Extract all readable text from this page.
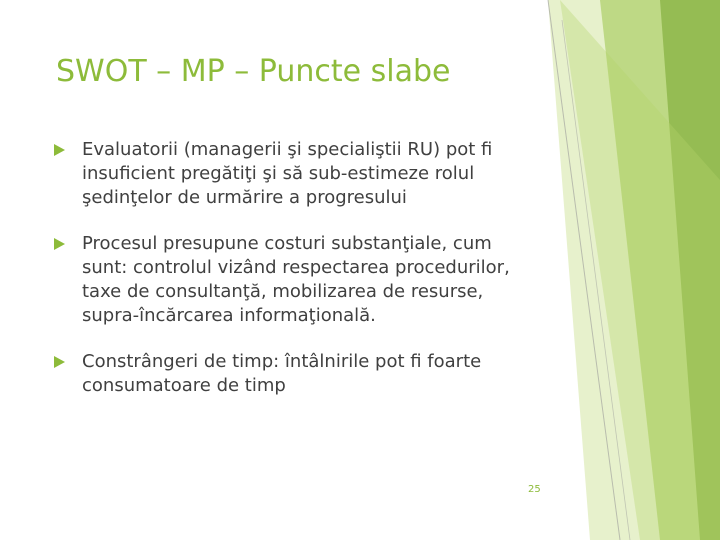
SWOT – MP – Puncte slabe
Evaluatorii (managerii şi specialiştii RU) pot fi insuficient pregătiţi şi să sub-estimeze rolul şedinţelor de urmărire a progresului
Procesul presupune costuri substanţiale, cum sunt: controlul vizând respectarea procedurilor, taxe de consultanţă, mobilizarea de resurse, supra-încărcarea informaţională.
Constrângeri de timp: întâlnirile pot fi foarte consumatoare de timp
25
